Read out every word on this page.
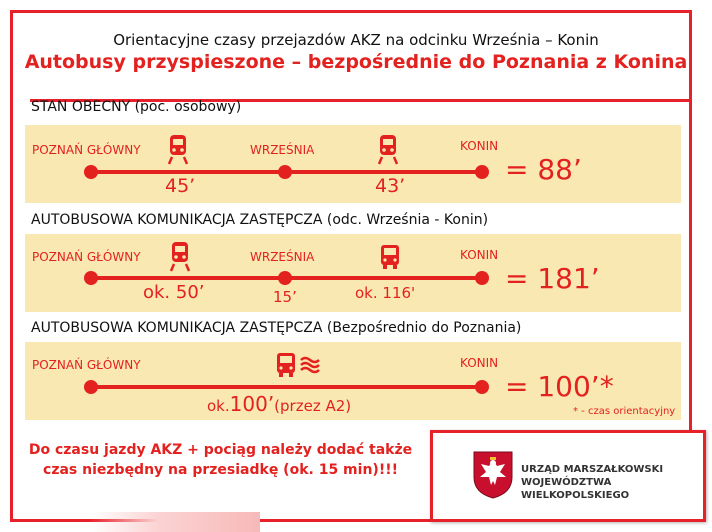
Orientacyjne czasy przejazdów AKZ na odcinku Września – Konin
Autobusy przyspieszone – bezpośrednie do Poznania z Konina
STAN OBECNY (poc. osobowy)
POZNAŃ GŁÓWNY	WRZEŚNIA	KONIN
45’	43’	= 88’
AUTOBUSOWA KOMUNIKACJA ZASTĘPCZA (odc. Września - Konin)
POZNAŃ GŁÓWNY	WRZEŚNIA	KONIN
ok. 50’	15’	ok. 116'	= 181’
AUTOBUSOWA KOMUNIKACJA ZASTĘPCZA (Bezpośrednio do Poznania)
POZNAŃ GŁÓWNY	KONIN
ok.100’(przez A2)
= 100’*
* - czas orientacyjny
Do czasu jazdy AKZ + pociąg należy dodać także czas niezbędny na przesiadkę (ok. 15 min)!!!	URZĄD MARSZAŁKOWSKI
WOJEWÓDZTWA WIELKOPOLSKIEGO
